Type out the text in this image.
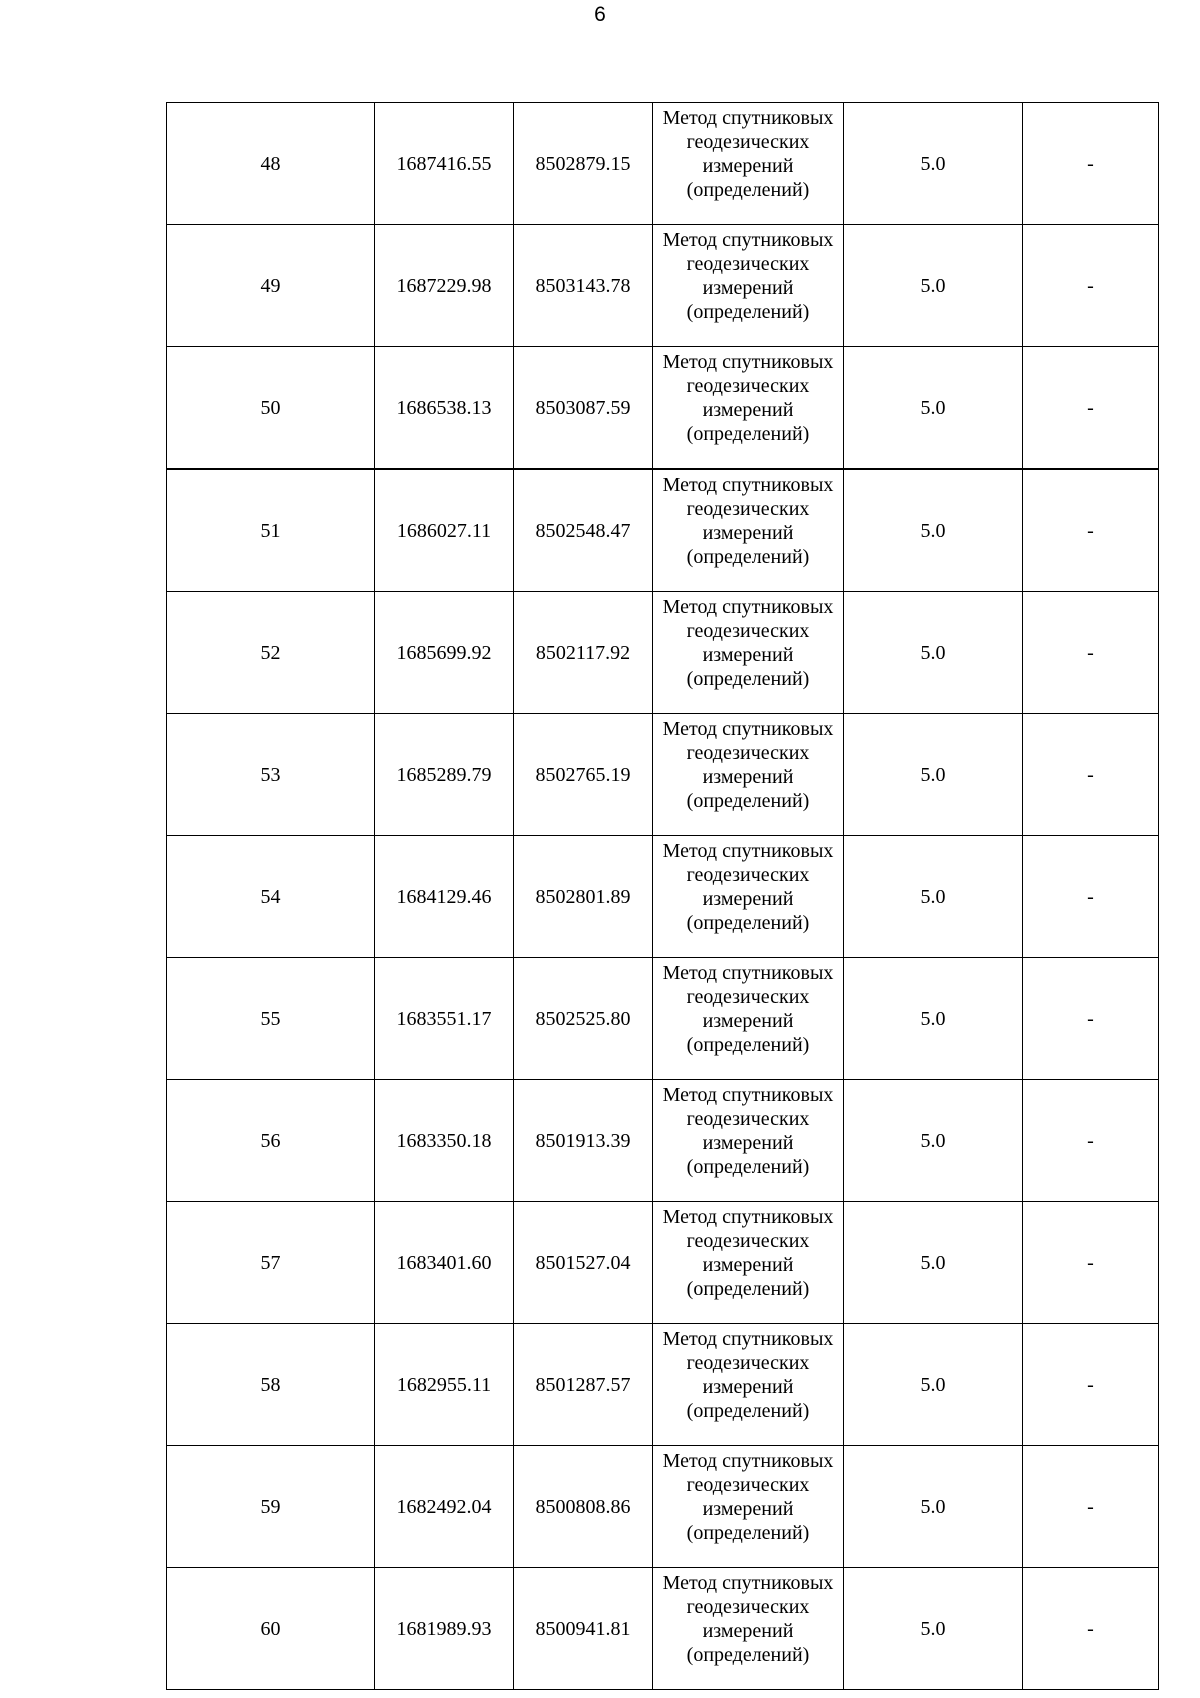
6
48	1687416.55	8502879.15	Метод спутниковых геодезических измерений (определений)	5.0	-
49	1687229.98	8503143.78	Метод спутниковых геодезических измерений (определений)	5.0	-
50	1686538.13	8503087.59	Метод спутниковых геодезических измерений (определений)	5.0	-
51	1686027.11	8502548.47	Метод спутниковых геодезических измерений (определений)	5.0	-
52	1685699.92	8502117.92	Метод спутниковых геодезических измерений (определений)	5.0	-
53	1685289.79	8502765.19	Метод спутниковых геодезических измерений (определений)	5.0	-
54	1684129.46	8502801.89	Метод спутниковых геодезических измерений (определений)	5.0	-
55	1683551.17	8502525.80	Метод спутниковых геодезических измерений (определений)	5.0	-
56	1683350.18	8501913.39	Метод спутниковых геодезических измерений (определений)	5.0	-
57	1683401.60	8501527.04	Метод спутниковых геодезических измерений (определений)	5.0	-
58	1682955.11	8501287.57	Метод спутниковых геодезических измерений (определений)	5.0	-
59	1682492.04	8500808.86	Метод спутниковых геодезических измерений (определений)	5.0	-
60	1681989.93	8500941.81	Метод спутниковых геодезических измерений (определений)	5.0	-
